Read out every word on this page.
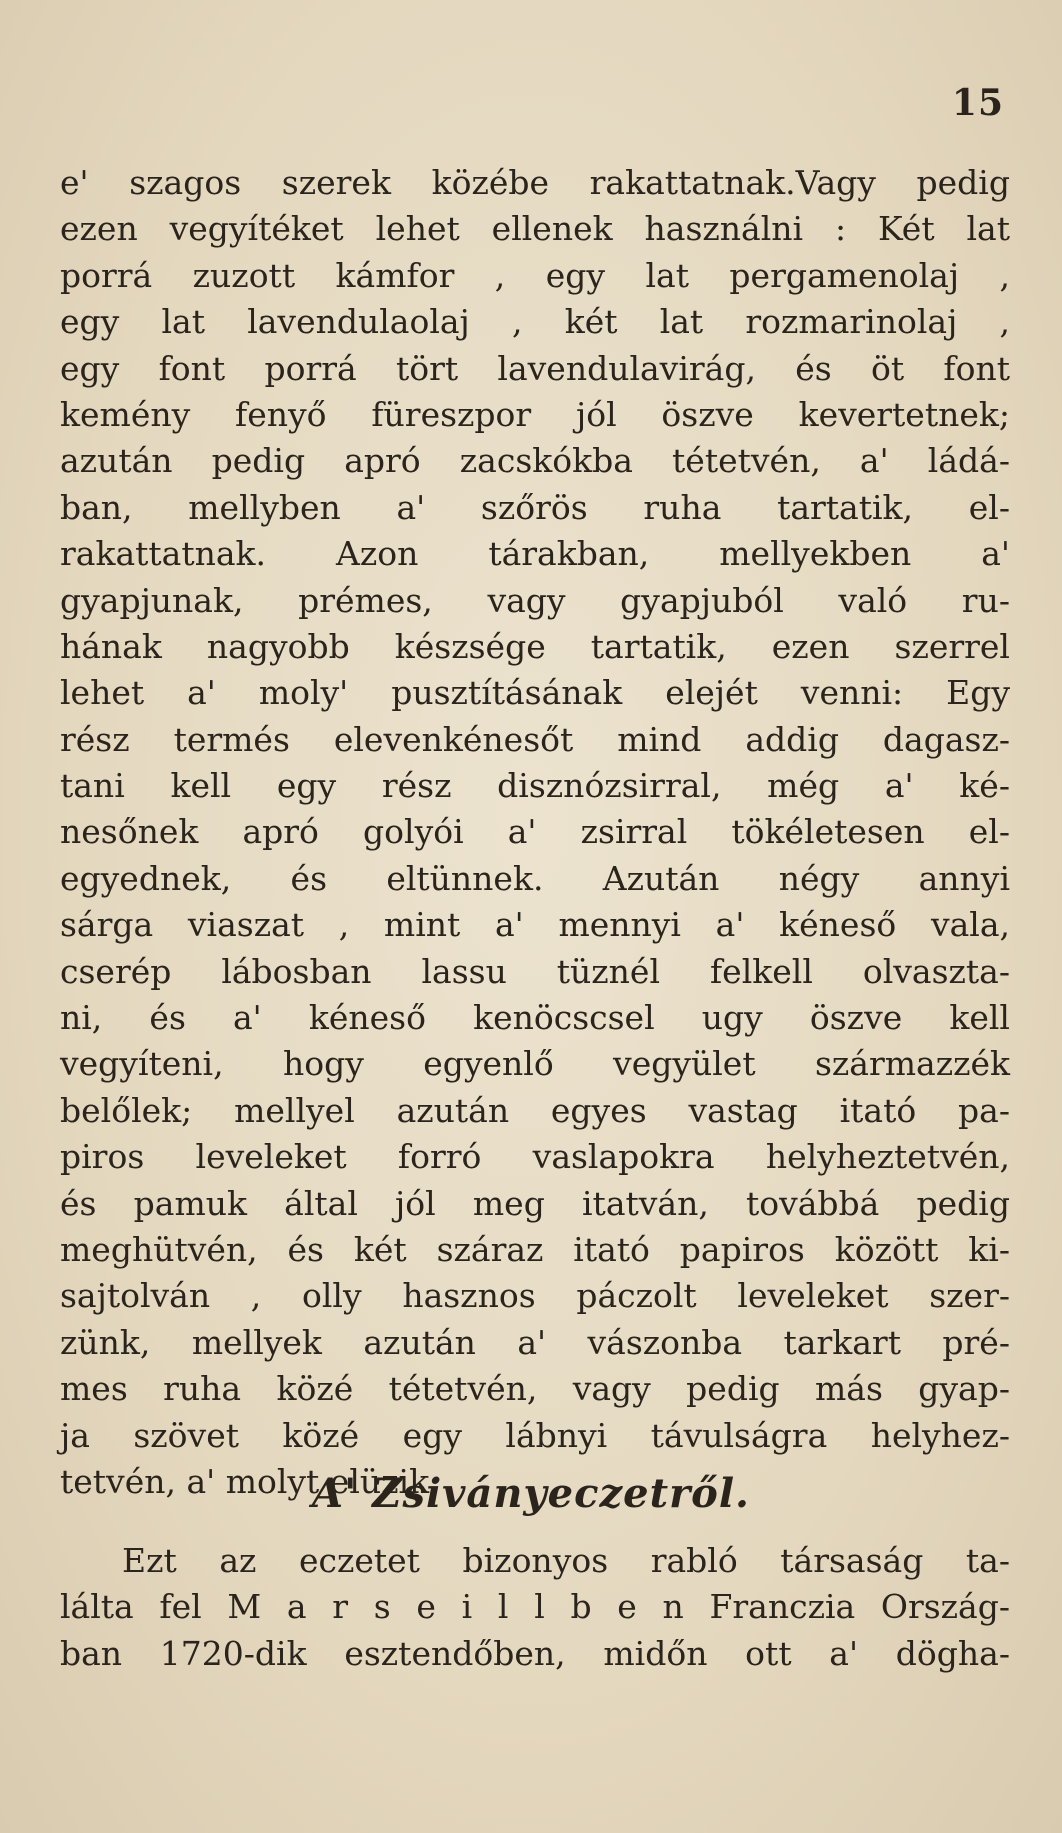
15
e' szagos szerek közébe rakattatnak.Vagy pedig
ezen vegyítéket lehet ellenek használni : Két lat
porrá zuzott kámfor , egy lat pergamenolaj ,
egy lat lavendulaolaj , két lat rozmarinolaj ,
egy font porrá tört lavendulavirág, és öt font
kemény fenyő füreszpor jól öszve kevertetnek;
azután pedig apró zacskókba tétetvén, a' ládá-
ban, mellyben a' szőrös ruha tartatik, el-
rakattatnak. Azon tárakban, mellyekben a'
gyapjunak, prémes, vagy gyapjuból való ru-
hának nagyobb készsége tartatik, ezen szerrel
lehet a' moly' pusztításának elejét venni: Egy
rész termés elevenkénesőt mind addig dagasz-
tani kell egy rész disznózsirral, még a' ké-
nesőnek apró golyói a' zsirral tökéletesen el-
egyednek, és eltünnek. Azután négy annyi
sárga viaszat , mint a' mennyi a' kéneső vala,
cserép lábosban lassu tüznél felkell olvaszta-
ni, és a' kéneső kenöcscsel ugy öszve kell
vegyíteni, hogy egyenlő vegyület származzék
belőlek; mellyel azután egyes vastag itató pa-
piros leveleket forró vaslapokra helyheztetvén,
és pamuk által jól meg itatván, továbbá pedig
meghütvén, és két száraz itató papiros között ki-
sajtolván , olly hasznos páczolt leveleket szer-
zünk, mellyek azután a' vászonba tarkart pré-
mes ruha közé tétetvén, vagy pedig más gyap-
ja szövet közé egy lábnyi távulságra helyhez-
tetvén, a' molyt elüzik.
A' Zsiványeczetről.
Ezt az eczetet bizonyos rabló társaság ta-
lálta fel M a r s e i l l b e n Franczia Ország-
ban 1720-dik esztendőben, midőn ott a' dögha-
